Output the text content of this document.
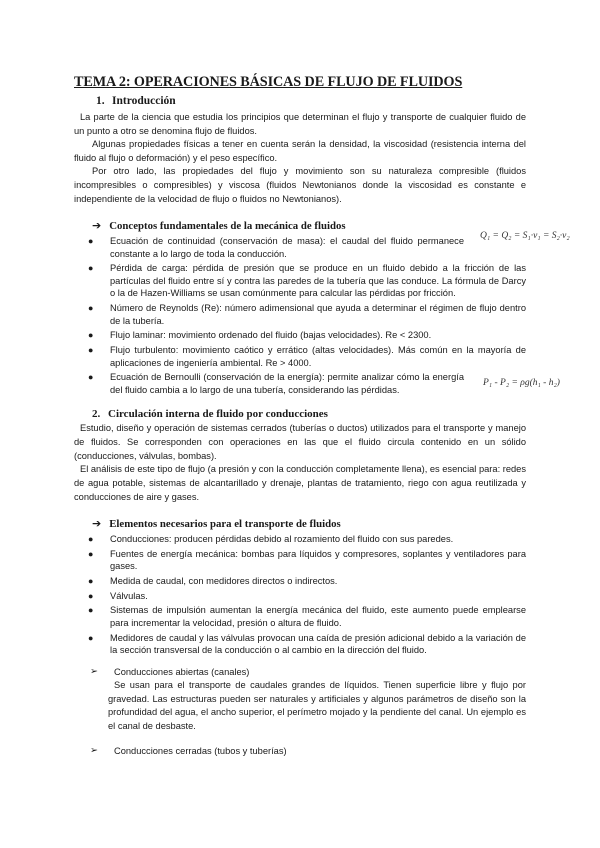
TEMA 2: OPERACIONES BÁSICAS DE FLUJO DE FLUIDOS
1. Introducción

La parte de la ciencia que estudia los principios que determinan el flujo y transporte de cualquier fluido de un punto a otro se denomina flujo de fluidos.

Algunas propiedades físicas a tener en cuenta serán la densidad, la viscosidad (resistencia interna del fluido al flujo o deformación) y el peso específico.

Por otro lado, las propiedades del flujo y movimiento son su naturaleza compresible (fluidos incompresibles o compresibles) y viscosa (fluidos Newtonianos donde la viscosidad es constante e independiente de la velocidad de flujo o fluidos no Newtonianos).

➔ Conceptos fundamentales de la mecánica de fluidos
Q₁ = Q₂ = S₁·v₁ = S₂·v₂
● Ecuación de continuidad (conservación de masa): el caudal del fluido permanece constante a lo largo de toda la conducción.
● Pérdida de carga: pérdida de presión que se produce en un fluido debido a la fricción de las partículas del fluido entre sí y contra las paredes de la tubería que las conduce. La fórmula de Darcy o la de Hazen-Williams se usan comúnmente para calcular las pérdidas por fricción.
● Número de Reynolds (Re): número adimensional que ayuda a determinar el régimen de flujo dentro de la tubería.
● Flujo laminar: movimiento ordenado del fluido (bajas velocidades). Re < 2300.
● Flujo turbulento: movimiento caótico y errático (altas velocidades). Más común en la mayoría de aplicaciones de ingeniería ambiental. Re > 4000.
● Ecuación de Bernoulli (conservación de la energía): permite analizar cómo la energía del fluido cambia a lo largo de una tubería, considerando las pérdidas.
P₁ - P₂ = ρg(h₁ - h₂)
2. Circulación interna de fluido por conducciones

Estudio, diseño y operación de sistemas cerrados (tuberías o ductos) utilizados para el transporte y manejo de fluidos. Se corresponden con operaciones en las que el fluido circula contenido en un sólido (conducciones, válvulas, bombas).

El análisis de este tipo de flujo (a presión y con la conducción completamente llena), es esencial para: redes de agua potable, sistemas de alcantarillado y drenaje, plantas de tratamiento, riego con agua reutilizada y conducciones de aire y gases.

➔ Elementos necesarios para el transporte de fluidos
● Conducciones: producen pérdidas debido al rozamiento del fluido con sus paredes.
● Fuentes de energía mecánica: bombas para líquidos y compresores, soplantes y ventiladores para gases.
● Medida de caudal, con medidores directos o indirectos.
● Válvulas.
● Sistemas de impulsión aumentan la energía mecánica del fluido, este aumento puede emplearse para incrementar la velocidad, presión o altura de fluido.
● Medidores de caudal y las válvulas provocan una caída de presión adicional debido a la variación de la sección transversal de la conducción o al cambio en la dirección del fluido.
➢	Conducciones abiertas (canales)

Se usan para el transporte de caudales grandes de líquidos. Tienen superficie libre y flujo por gravedad. Las estructuras pueden ser naturales y artificiales y algunos parámetros de diseño son la profundidad del agua, el ancho superior, el perímetro mojado y la pendiente del canal. Un ejemplo es el canal de desbaste.

➢	Conducciones cerradas (tubos y tuberías)
